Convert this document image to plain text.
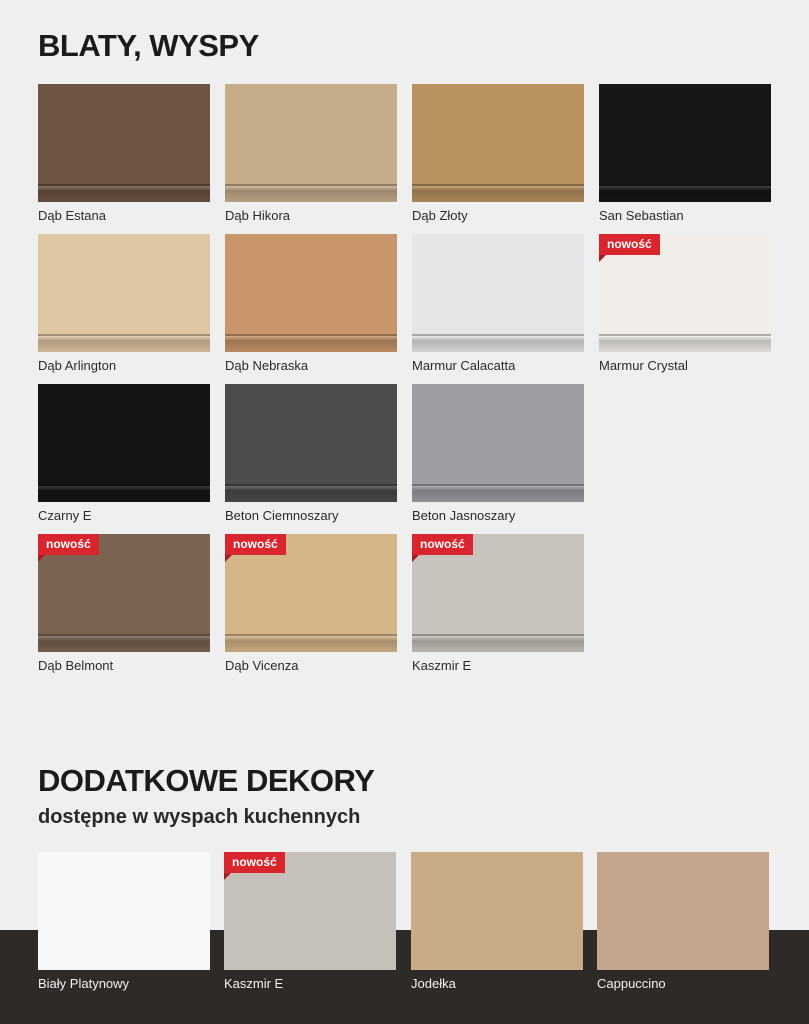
BLATY, WYSPY
Dąb Estana	Dąb Hikora	Dąb Złoty	San Sebastian
Dąb Arlington	Dąb Nebraska	Marmur Calacatta
nowość
Marmur Crystal
Czarny E	Beton Ciemnoszary	Beton Jasnoszary
nowość
Dąb Belmont
nowość
Dąb Vicenza
nowość
Kaszmir E
DODATKOWE DEKORY
dostępne w wyspach kuchennych
Biały Platynowy
nowość
Kaszmir E	Jodełka	Cappuccino
